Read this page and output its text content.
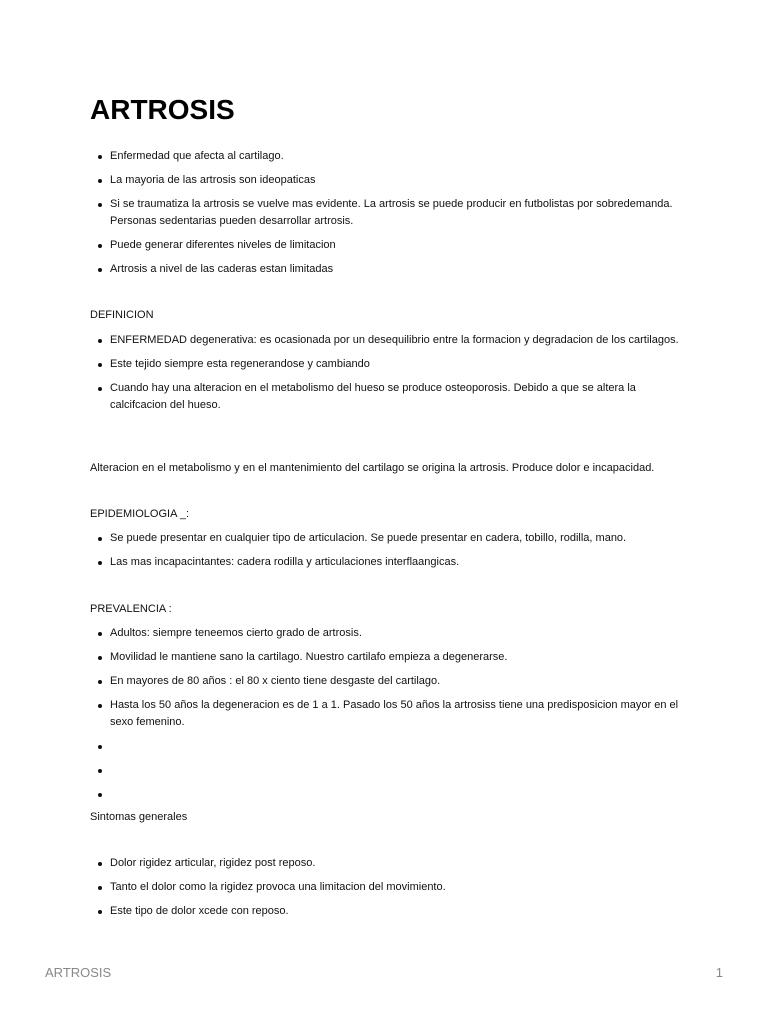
ARTROSIS
Enfermedad que afecta al cartilago.
La mayoria de las artrosis son ideopaticas
Si se traumatiza la artrosis se vuelve mas evidente. La artrosis se puede producir en futbolistas por sobredemanda. Personas sedentarias pueden desarrollar artrosis.
Puede generar diferentes niveles de limitacion
Artrosis a nivel de las caderas estan limitadas

DEFINICION

ENFERMEDAD degenerativa: es ocasionada por un desequilibrio entre la formacion y degradacion de los cartilagos.
Este tejido siempre esta regenerandose y cambiando
Cuando hay una alteracion en el metabolismo del hueso se produce osteoporosis. Debido a que se altera la calcifcacion del hueso.

Alteracion en el metabolismo y en el mantenimiento del cartilago se origina la artrosis. Produce dolor e incapacidad.

EPIDEMIOLOGIA _:

Se puede presentar en cualquier tipo de articulacion. Se puede presentar en cadera, tobillo, rodilla, mano.
Las mas incapacintantes: cadera rodilla y articulaciones interflaangicas.

PREVALENCIA :

Adultos: siempre teneemos cierto grado de artrosis.
Movilidad le mantiene sano la cartilago. Nuestro cartilafo empieza a degenerarse.
En mayores de 80 años : el 80 x ciento tiene desgaste del cartilago.
Hasta los 50 años la degeneracion es de 1 a 1. Pasado los 50 años la artrosiss tiene una predisposicion mayor en el sexo femenino.

Sintomas generales

Dolor rigidez articular, rigidez post reposo.
Tanto el dolor como la rigidez provoca una limitacion del movimiento.
Este tipo de dolor xcede con reposo.
ARTROSIS	1
